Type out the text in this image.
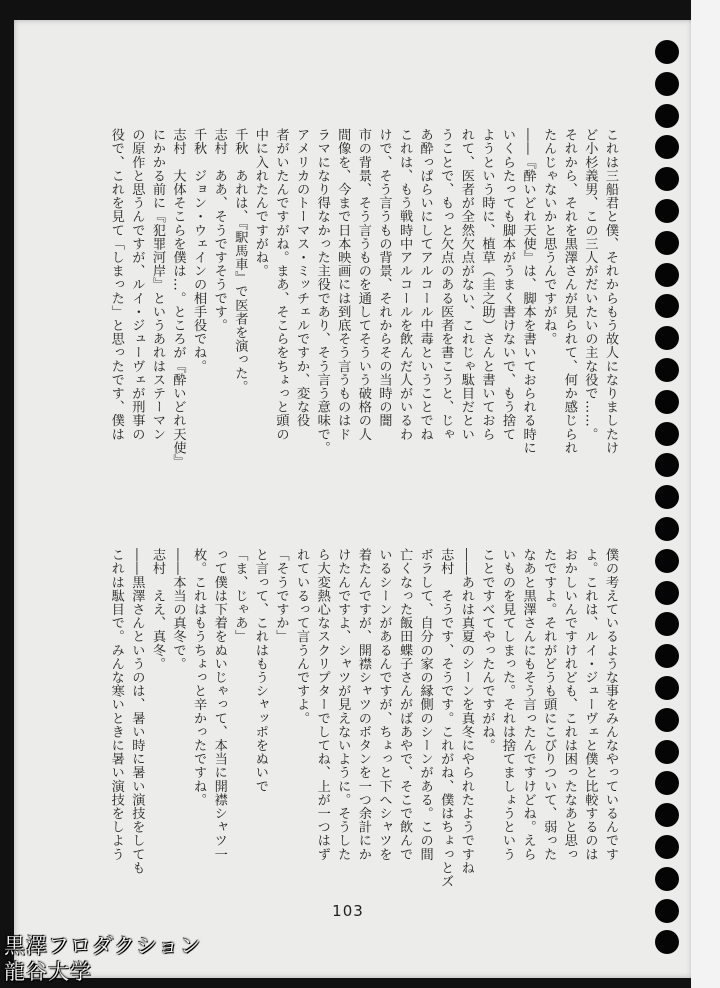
これは三船君と僕、それからもう故人になりましたけ
ど小杉義男、この三人がだいたいの主な役で……。
それから、それを黒澤さんが見られて、何か感じられ
たんじゃないかと思うんですがね。
――『酔いどれ天使』は、脚本を書いておられる時に
いくらたっても脚本がうまく書けないで、もう捨て
ようという時に、植草（圭之助）さんと書いておら
れて、医者が全然欠点がない、これじゃ駄目だとい
うことで、もっと欠点のある医者を書こうと、じゃ
あ酔っぱらいにしてアルコール中毒ということでね
これは、もう戦時中アルコールを飲んだ人がいるわ
けで、そう言うもの背景、それからその当時の闇
市の背景、そう言うものを通してそういう破格の人
間像を、今まで日本映画には到底そう言うものはド
ラマになり得なかった主役であり、そう言う意味で。
アメリカのトーマス・ミッチェルですか、変な役
者がいたんですがね。まあ、そこらをちょっと頭の
中に入れたんですがね。
千秋　あれは、『駅馬車』で医者を演った。
志村　ああ、そうですそうです。
千秋　ジョン・ウェインの相手役でね。
志村　大体そこらを僕は…。ところが『酔いどれ天使』
にかかる前に『犯罪河岸』というあれはステーマン
の原作と思うんですが、ルイ・ジューヴェが刑事の
役で、これを見て「しまった」と思ったです、僕は
僕の考えているような事をみんなやっているんです
よ。これは、ルイ・ジューヴェと僕と比較するのは
おかしいんですけれども、これは困ったなあと思っ
たですよ。それがどうも頭にこびりついて、弱った
なあと黒澤さんにもそう言ったんですけどね。えら
いものを見てしまった。それは捨てましょうという
ことですべてやったんですがね。
――あれは真夏のシーンを真冬にやられたようですね
志村　そうです、そうです。これがね、僕はちょっとズ
ボラして、自分の家の縁側のシーンがある。この間
亡くなった飯田蝶子さんがばあやで、そこで飲んで
いるシーンがあるんですが、ちょっと下へシャツを
着たんですが、開襟シャツのボタンを一つ余計にか
けたんですよ、シャツが見えないように。そうした
ら大変熱心なスクリプターでしてね、上が一つはず
れているって言うんですよ。
「そうですか」
と言って、これはもうシャッポをぬいで
「ま、じゃあ」
って僕は下着をぬいじゃって、本当に開襟シャツ一
枚。これはもうちょっと辛かったですね。
――本当の真冬で。
志村　ええ、真冬。
――黒澤さんというのは、暑い時に暑い演技をしても
これは駄目で。みんな寒いときに暑い演技をしよう
103
黒澤フロダクション
龍谷大学
